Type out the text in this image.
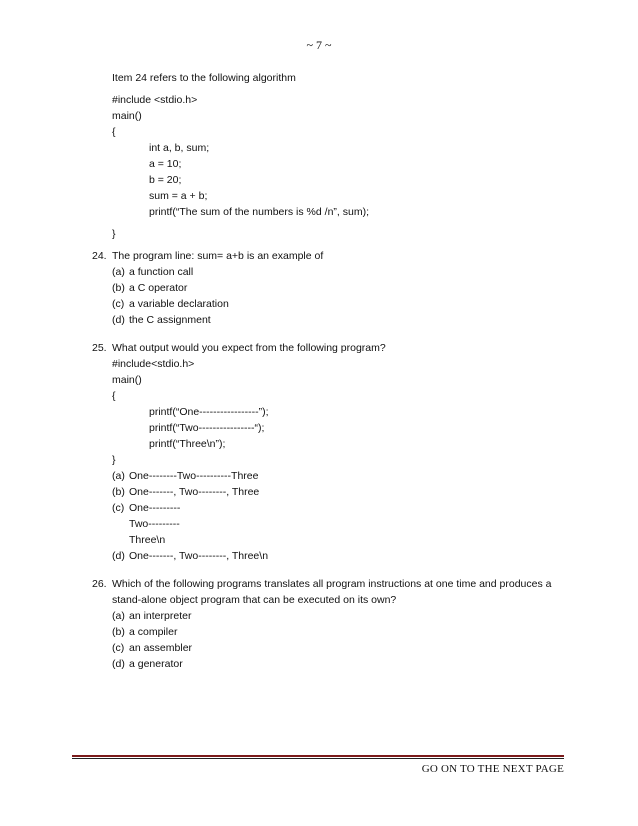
~ 7 ~
Item 24 refers to the following algorithm
#include <stdio.h>
main()
{
int a, b, sum;
a = 10;
b = 20;
sum = a + b;
printf(“The sum of the numbers is %d /n”, sum);
}
24. The program line: sum= a+b is an example of
(a) a function call
(b) a C operator
(c) a variable declaration
(d) the C assignment
25. What output would you expect from the following program?
#include<stdio.h>
main()
{
printf(“One-----------------”);
printf(“Two----------------“);
printf(“Three\n”);
}
(a) One--------Two----------Three
(b) One-------, Two--------, Three
(c) One---------
Two---------
Three\n
(d) One-------, Two--------, Three\n
26. Which of the following programs translates all program instructions at one time and produces a
stand-alone object program that can be executed on its own?
(a) an interpreter
(b) a compiler
(c) an assembler
(d) a generator
GO ON TO THE NEXT PAGE
